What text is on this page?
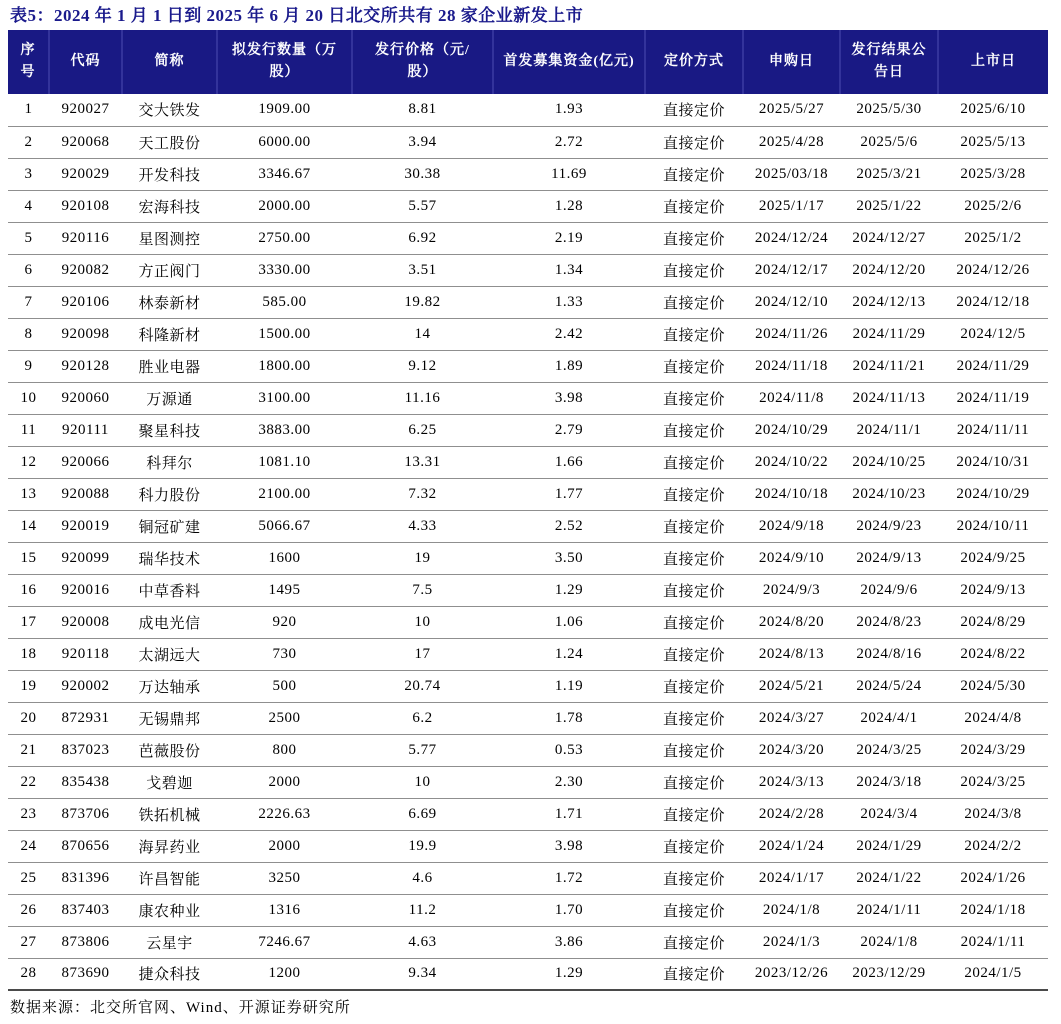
表5：2024 年 1 月 1 日到 2025 年 6 月 20 日北交所共有 28 家企业新发上市
序
号	代码	简称	拟发行数量（万
股）	发行价格（元/
股）	首发募集资金(亿元)	定价方式	申购日	发行结果公
告日	上市日
1	920027	交大铁发	1909.00	8.81	1.93	直接定价	2025/5/27	2025/5/30	2025/6/10
2	920068	天工股份	6000.00	3.94	2.72	直接定价	2025/4/28	2025/5/6	2025/5/13
3	920029	开发科技	3346.67	30.38	11.69	直接定价	2025/03/18	2025/3/21	2025/3/28
4	920108	宏海科技	2000.00	5.57	1.28	直接定价	2025/1/17	2025/1/22	2025/2/6
5	920116	星图测控	2750.00	6.92	2.19	直接定价	2024/12/24	2024/12/27	2025/1/2
6	920082	方正阀门	3330.00	3.51	1.34	直接定价	2024/12/17	2024/12/20	2024/12/26
7	920106	林泰新材	585.00	19.82	1.33	直接定价	2024/12/10	2024/12/13	2024/12/18
8	920098	科隆新材	1500.00	14	2.42	直接定价	2024/11/26	2024/11/29	2024/12/5
9	920128	胜业电器	1800.00	9.12	1.89	直接定价	2024/11/18	2024/11/21	2024/11/29
10	920060	万源通	3100.00	11.16	3.98	直接定价	2024/11/8	2024/11/13	2024/11/19
11	920111	聚星科技	3883.00	6.25	2.79	直接定价	2024/10/29	2024/11/1	2024/11/11
12	920066	科拜尔	1081.10	13.31	1.66	直接定价	2024/10/22	2024/10/25	2024/10/31
13	920088	科力股份	2100.00	7.32	1.77	直接定价	2024/10/18	2024/10/23	2024/10/29
14	920019	铜冠矿建	5066.67	4.33	2.52	直接定价	2024/9/18	2024/9/23	2024/10/11
15	920099	瑞华技术	1600	19	3.50	直接定价	2024/9/10	2024/9/13	2024/9/25
16	920016	中草香料	1495	7.5	1.29	直接定价	2024/9/3	2024/9/6	2024/9/13
17	920008	成电光信	920	10	1.06	直接定价	2024/8/20	2024/8/23	2024/8/29
18	920118	太湖远大	730	17	1.24	直接定价	2024/8/13	2024/8/16	2024/8/22
19	920002	万达轴承	500	20.74	1.19	直接定价	2024/5/21	2024/5/24	2024/5/30
20	872931	无锡鼎邦	2500	6.2	1.78	直接定价	2024/3/27	2024/4/1	2024/4/8
21	837023	芭薇股份	800	5.77	0.53	直接定价	2024/3/20	2024/3/25	2024/3/29
22	835438	戈碧迦	2000	10	2.30	直接定价	2024/3/13	2024/3/18	2024/3/25
23	873706	铁拓机械	2226.63	6.69	1.71	直接定价	2024/2/28	2024/3/4	2024/3/8
24	870656	海昇药业	2000	19.9	3.98	直接定价	2024/1/24	2024/1/29	2024/2/2
25	831396	许昌智能	3250	4.6	1.72	直接定价	2024/1/17	2024/1/22	2024/1/26
26	837403	康农种业	1316	11.2	1.70	直接定价	2024/1/8	2024/1/11	2024/1/18
27	873806	云星宇	7246.67	4.63	3.86	直接定价	2024/1/3	2024/1/8	2024/1/11
28	873690	捷众科技	1200	9.34	1.29	直接定价	2023/12/26	2023/12/29	2024/1/5
数据来源：北交所官网、Wind、开源证券研究所
